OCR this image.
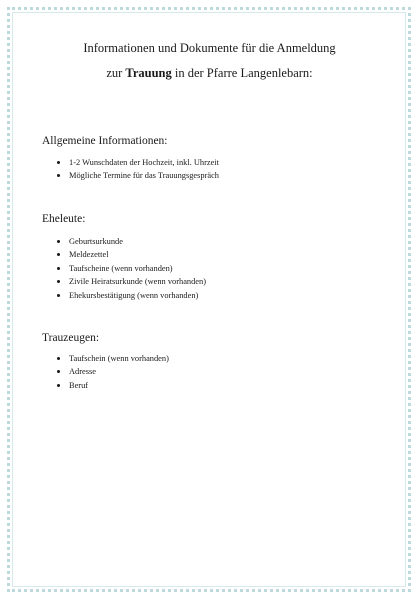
Informationen und Dokumente für die Anmeldung
zur Trauung in der Pfarre Langenlebarn:
Allgemeine Informationen:
1-2 Wunschdaten der Hochzeit, inkl. Uhrzeit
Mögliche Termine für das Trauungsgespräch
Eheleute:
Geburtsurkunde
Meldezettel
Taufscheine (wenn vorhanden)
Zivile Heiratsurkunde (wenn vorhanden)
Ehekursbestätigung (wenn vorhanden)
Trauzeugen:
Taufschein (wenn vorhanden)
Adresse
Beruf
